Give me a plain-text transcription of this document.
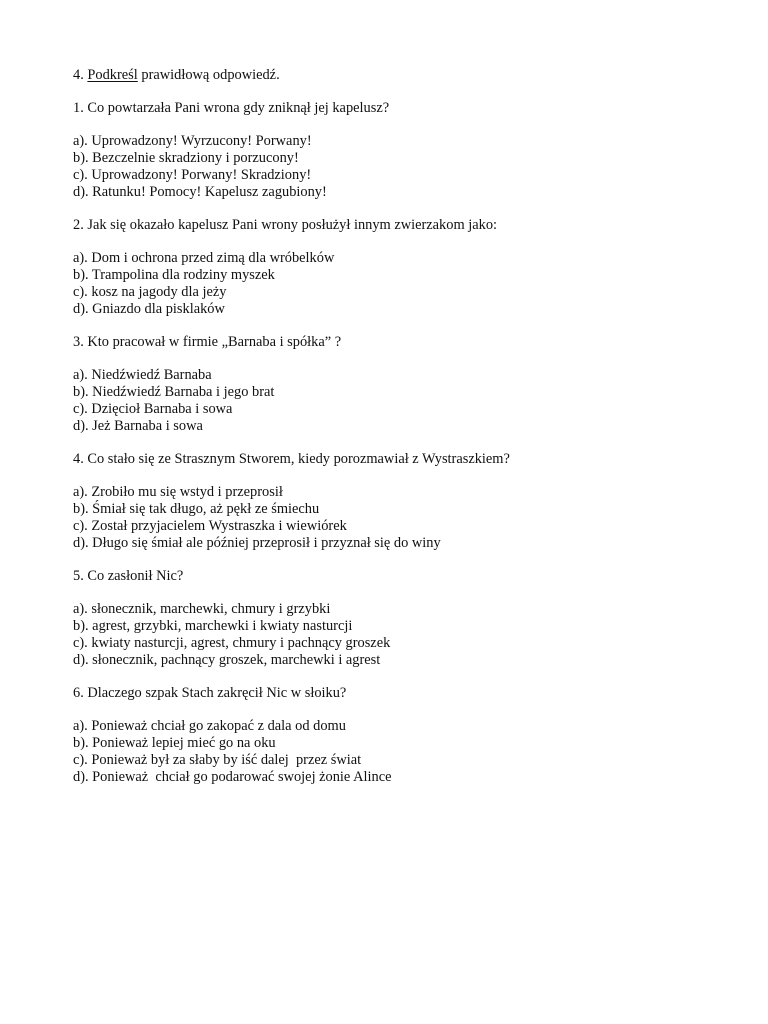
4. Podkreśl prawidłową odpowiedź.
1. Co powtarzała Pani wrona gdy zniknął jej kapelusz?
a). Uprowadzony! Wyrzucony! Porwany!
b). Bezczelnie skradziony i porzucony!
c). Uprowadzony! Porwany! Skradziony!
d). Ratunku! Pomocy! Kapelusz zagubiony!
2. Jak się okazało kapelusz Pani wrony posłużył innym zwierzakom jako:
a). Dom i ochrona przed zimą dla wróbelków
b). Trampolina dla rodziny myszek
c). kosz na jagody dla jeży
d). Gniazdo dla pisklaków
3. Kto pracował w firmie „Barnaba i spółka” ?
a). Niedźwiedź Barnaba
b). Niedźwiedź Barnaba i jego brat
c). Dzięcioł Barnaba i sowa
d). Jeż Barnaba i sowa
4. Co stało się ze Strasznym Stworem, kiedy porozmawiał z Wystraszkiem?
a). Zrobiło mu się wstyd i przeprosił
b). Śmiał się tak długo, aż pękł ze śmiechu
c). Został przyjacielem Wystraszka i wiewiórek
d). Długo się śmiał ale później przeprosił i przyznał się do winy
5. Co zasłonił Nic?
a). słonecznik, marchewki, chmury i grzybki
b). agrest, grzybki, marchewki i kwiaty nasturcji
c). kwiaty nasturcji, agrest, chmury i pachnący groszek
d). słonecznik, pachnący groszek, marchewki i agrest
6. Dlaczego szpak Stach zakręcił Nic w słoiku?
a). Ponieważ chciał go zakopać z dala od domu
b). Ponieważ lepiej mieć go na oku
c). Ponieważ był za słaby by iść dalej  przez świat
d). Ponieważ  chciał go podarować swojej żonie Alince
